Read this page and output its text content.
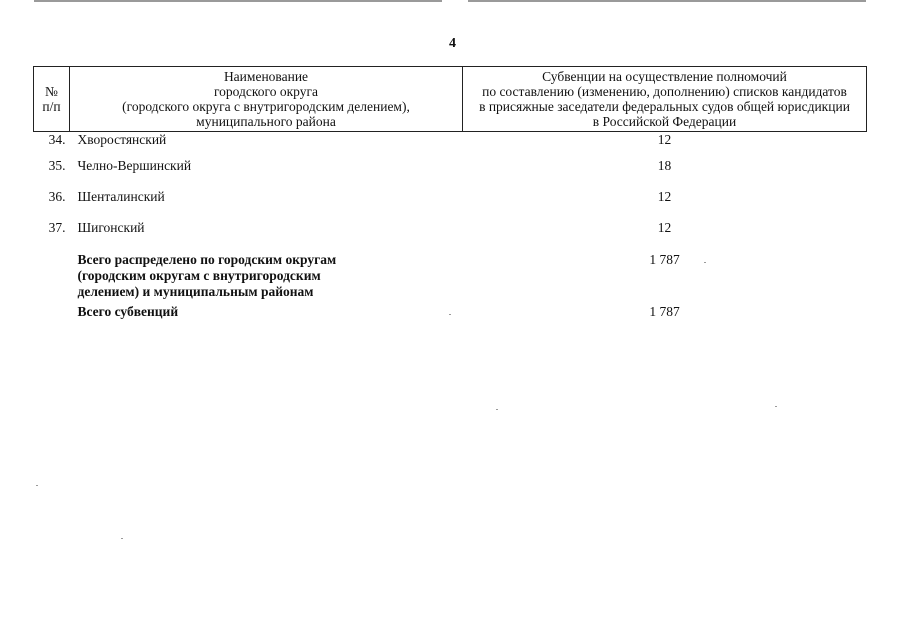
4
№
п/п	Наименование
городского округа
(городского округа с внутригородским делением),
муниципального района	Субвенции на осуществление полномочий
по составлению (изменению, дополнению) списков кандидатов
в присяжные заседатели федеральных судов общей юрисдикции
в Российской Федерации

34.	Хворостянский	12
35.	Челно-Вершинский	18
36.	Шенталинский	12
37.	Шигонский	12

	Всего распределено по городским округам
(городским округам с внутригородским
делением) и муниципальным районам	1 787
	Всего субвенций	1 787
